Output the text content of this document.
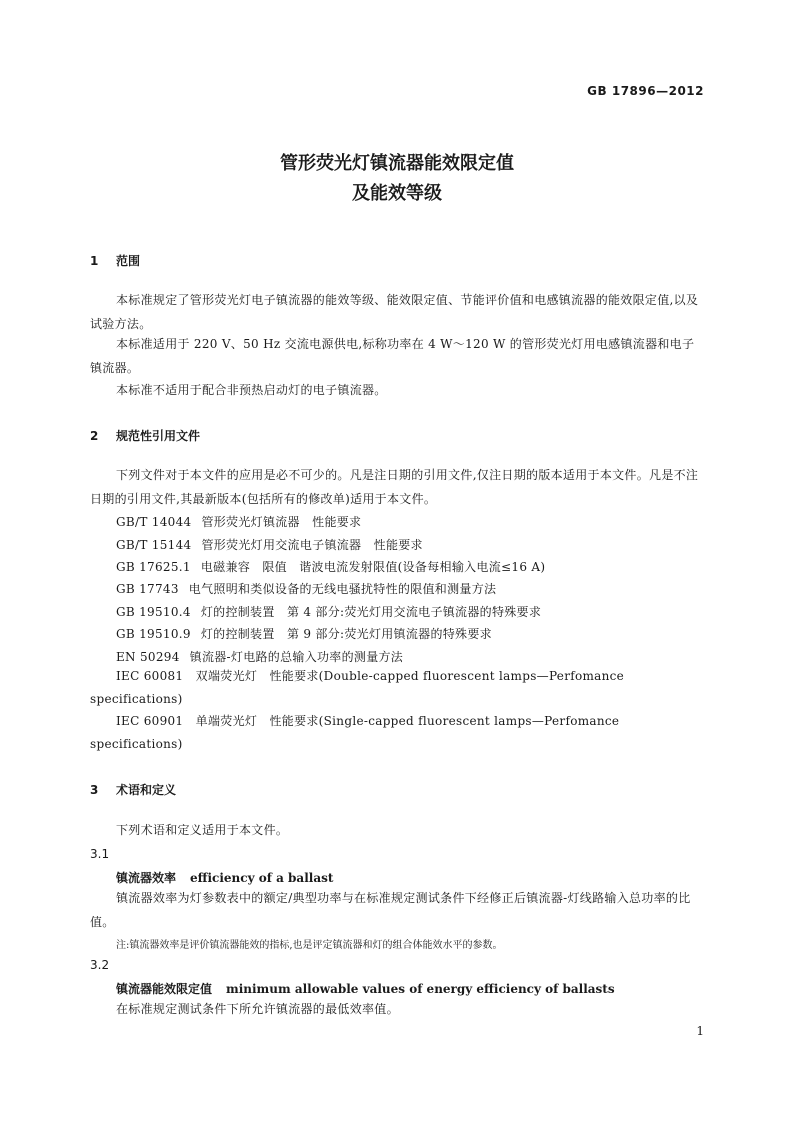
GB 17896—2012
管形荧光灯镇流器能效限定值
及能效等级
1 范围
本标准规定了管形荧光灯电子镇流器的能效等级、能效限定值、节能评价值和电感镇流器的能效限定值,以及试验方法。
本标准适用于 220 V、50 Hz 交流电源供电,标称功率在 4 W～120 W 的管形荧光灯用电感镇流器和电子镇流器。
本标准不适用于配合非预热启动灯的电子镇流器。
2 规范性引用文件
下列文件对于本文件的应用是必不可少的。凡是注日期的引用文件,仅注日期的版本适用于本文件。凡是不注日期的引用文件,其最新版本(包括所有的修改单)适用于本文件。
GB/T 14044 管形荧光灯镇流器　性能要求
GB/T 15144 管形荧光灯用交流电子镇流器　性能要求
GB 17625.1 电磁兼容　限值　谐波电流发射限值(设备每相输入电流≤16 A)
GB 17743 电气照明和类似设备的无线电骚扰特性的限值和测量方法
GB 19510.4 灯的控制装置　第 4 部分:荧光灯用交流电子镇流器的特殊要求
GB 19510.9 灯的控制装置　第 9 部分:荧光灯用镇流器的特殊要求
EN 50294 镇流器-灯电路的总输入功率的测量方法
IEC 60081　双端荧光灯　性能要求(Double-capped fluorescent lamps—Perfomance specifications)
IEC 60901　单端荧光灯　性能要求(Single-capped fluorescent lamps—Perfomance specifications)
3 术语和定义
下列术语和定义适用于本文件。
3.1
镇流器效率 efficiency of a ballast
镇流器效率为灯参数表中的额定/典型功率与在标准规定测试条件下经修正后镇流器-灯线路输入总功率的比值。
注:镇流器效率是评价镇流器能效的指标,也是评定镇流器和灯的组合体能效水平的参数。
3.2
镇流器能效限定值 minimum allowable values of energy efficiency of ballasts
在标准规定测试条件下所允许镇流器的最低效率值。
1
